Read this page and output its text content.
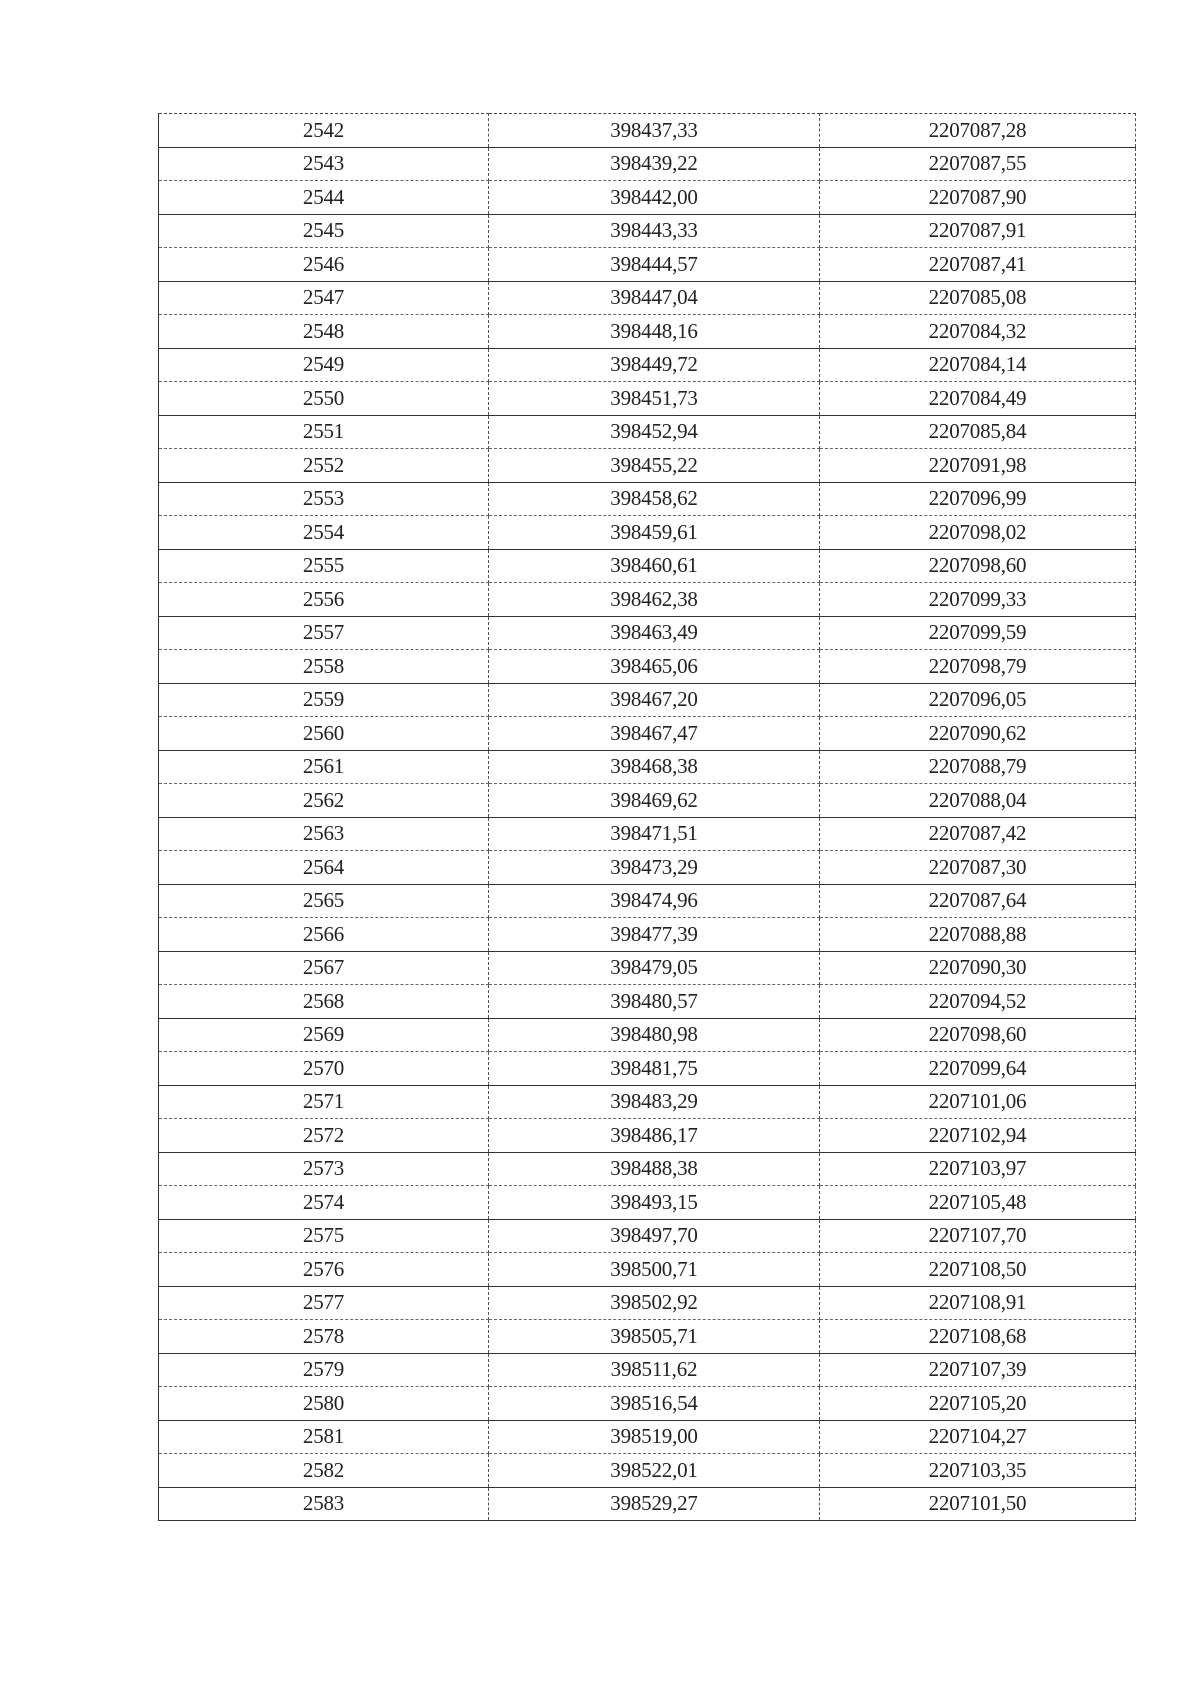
2542	398437,33	2207087,28
2543	398439,22	2207087,55
2544	398442,00	2207087,90
2545	398443,33	2207087,91
2546	398444,57	2207087,41
2547	398447,04	2207085,08
2548	398448,16	2207084,32
2549	398449,72	2207084,14
2550	398451,73	2207084,49
2551	398452,94	2207085,84
2552	398455,22	2207091,98
2553	398458,62	2207096,99
2554	398459,61	2207098,02
2555	398460,61	2207098,60
2556	398462,38	2207099,33
2557	398463,49	2207099,59
2558	398465,06	2207098,79
2559	398467,20	2207096,05
2560	398467,47	2207090,62
2561	398468,38	2207088,79
2562	398469,62	2207088,04
2563	398471,51	2207087,42
2564	398473,29	2207087,30
2565	398474,96	2207087,64
2566	398477,39	2207088,88
2567	398479,05	2207090,30
2568	398480,57	2207094,52
2569	398480,98	2207098,60
2570	398481,75	2207099,64
2571	398483,29	2207101,06
2572	398486,17	2207102,94
2573	398488,38	2207103,97
2574	398493,15	2207105,48
2575	398497,70	2207107,70
2576	398500,71	2207108,50
2577	398502,92	2207108,91
2578	398505,71	2207108,68
2579	398511,62	2207107,39
2580	398516,54	2207105,20
2581	398519,00	2207104,27
2582	398522,01	2207103,35
2583	398529,27	2207101,50
